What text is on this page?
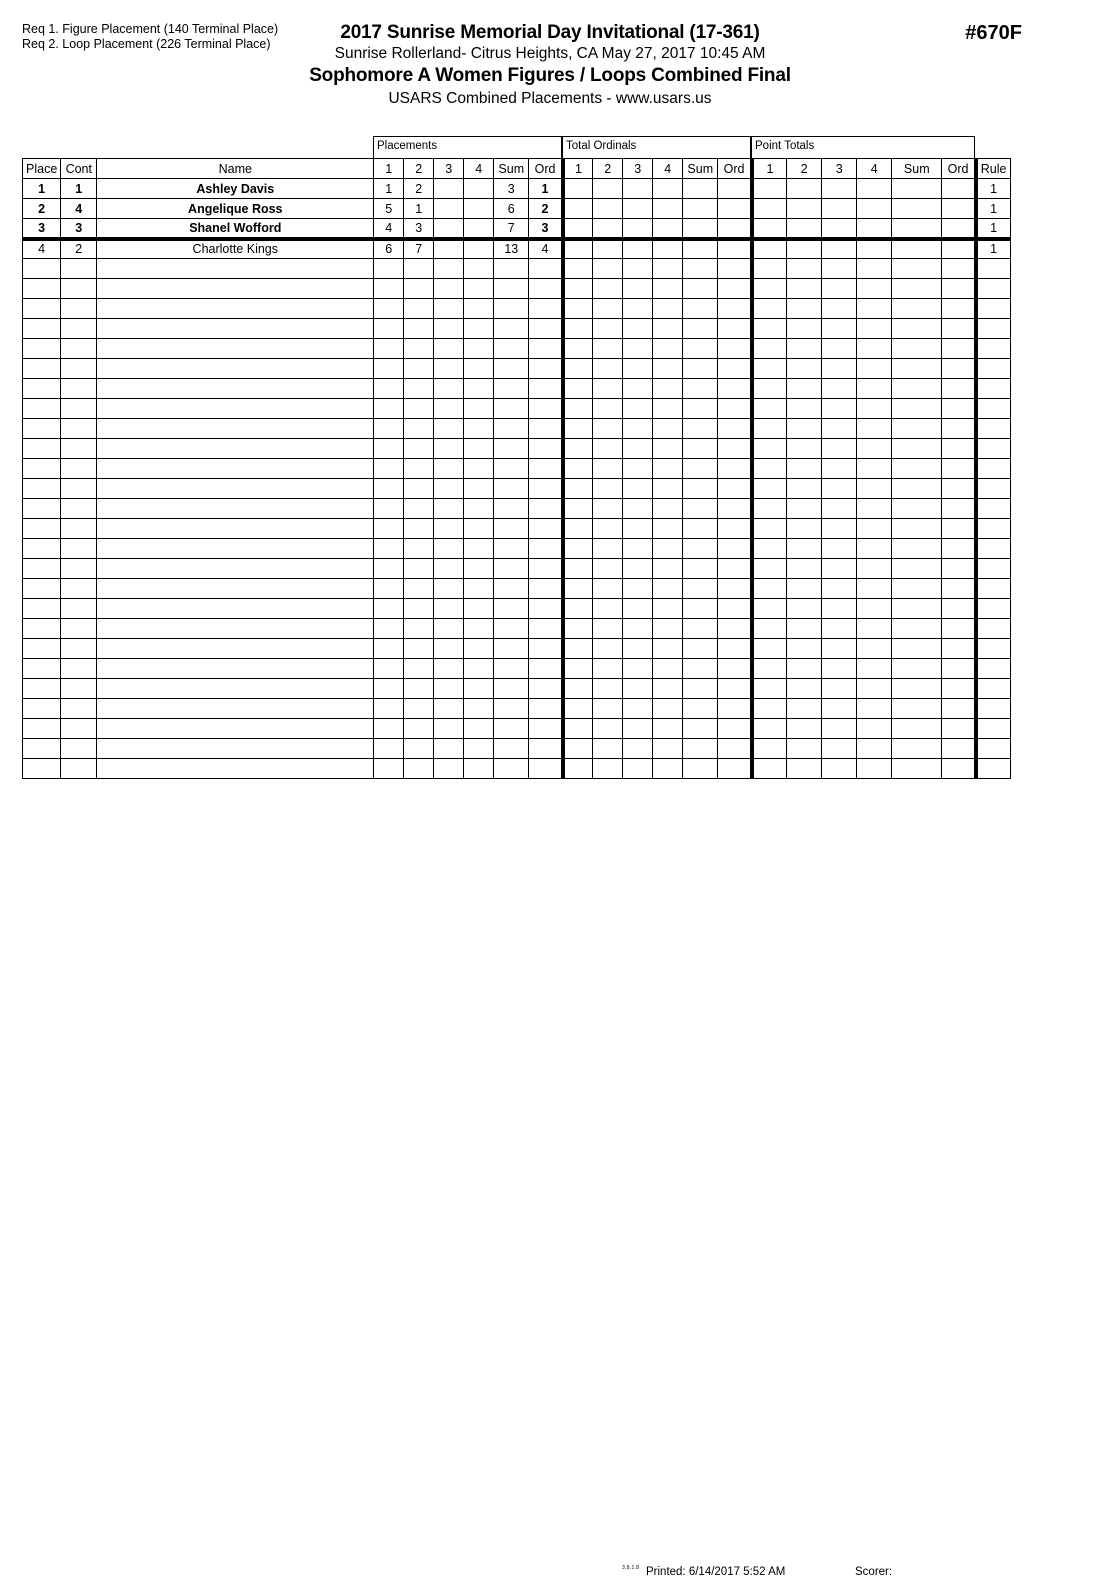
Req 1. Figure Placement (140 Terminal Place)
Req 2. Loop Placement (226 Terminal Place)	#670F
2017 Sunrise Memorial Day Invitational (17-361)
Sunrise Rollerland- Citrus Heights, CA May 27, 2017 10:45 AM
Sophomore A Women Figures / Loops Combined Final
USARS Combined Placements - www.usars.us
Placements	Total Ordinals	Point Totals
Place	Cont	Name	1	2	3	4	Sum	Ord	1	2	3	4	Sum	Ord	1	2	3	4	Sum	Ord	Rule
1	1	Ashley Davis	1	2			3	1													1
2	4	Angelique Ross	5	1			6	2													1
3	3	Shanel Wofford	4	3			7	3													1
4	2	Charlotte Kings	6	7			13	4													1

3.8.1.8 Printed: 6/14/2017 5:52 AM	Scorer:
